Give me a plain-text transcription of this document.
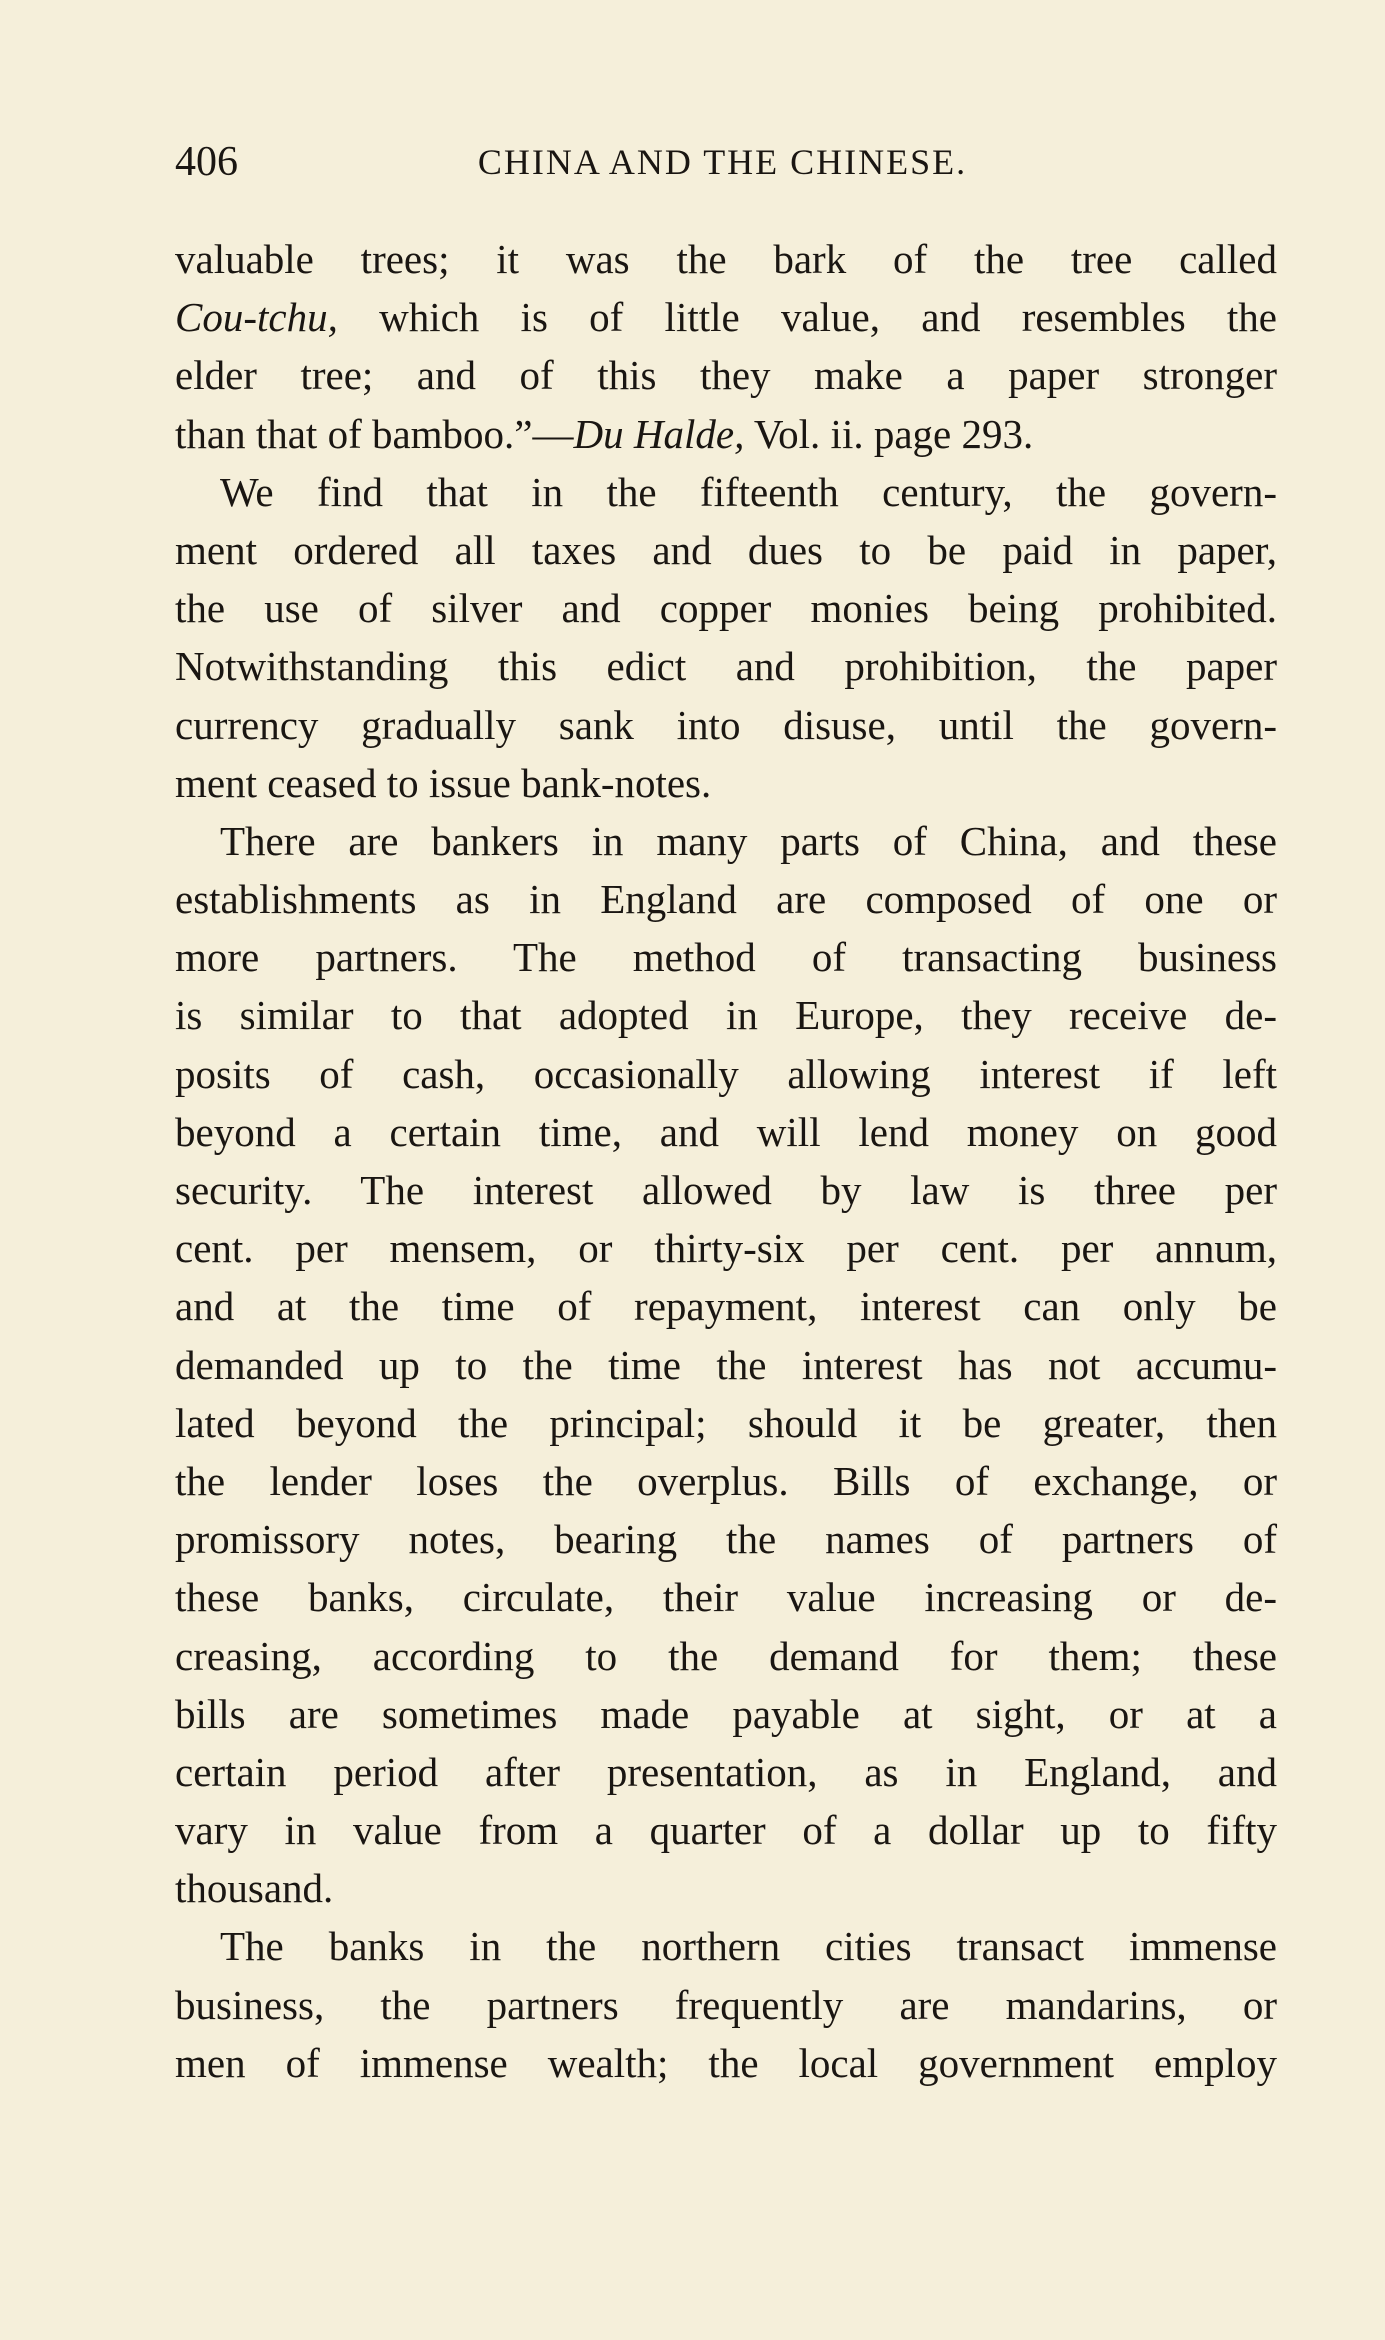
406	CHINA AND THE CHINESE.
valuable trees; it was the bark of the tree called
Cou-tchu, which is of little value, and resembles the
elder tree; and of this they make a paper stronger
than that of bamboo.”—Du Halde, Vol. ii. page 293.
We find that in the fifteenth century, the govern-
ment ordered all taxes and dues to be paid in paper,
the use of silver and copper monies being prohibited.
Notwithstanding this edict and prohibition, the paper
currency gradually sank into disuse, until the govern-
ment ceased to issue bank-notes.
There are bankers in many parts of China, and these
establishments as in England are composed of one or
more partners. The method of transacting business
is similar to that adopted in Europe, they receive de-
posits of cash, occasionally allowing interest if left
beyond a certain time, and will lend money on good
security. The interest allowed by law is three per
cent. per mensem, or thirty-six per cent. per annum,
and at the time of repayment, interest can only be
demanded up to the time the interest has not accumu-
lated beyond the principal; should it be greater, then
the lender loses the overplus. Bills of exchange, or
promissory notes, bearing the names of partners of
these banks, circulate, their value increasing or de-
creasing, according to the demand for them; these
bills are sometimes made payable at sight, or at a
certain period after presentation, as in England, and
vary in value from a quarter of a dollar up to fifty
thousand.
The banks in the northern cities transact immense
business, the partners frequently are mandarins, or
men of immense wealth; the local government employ
